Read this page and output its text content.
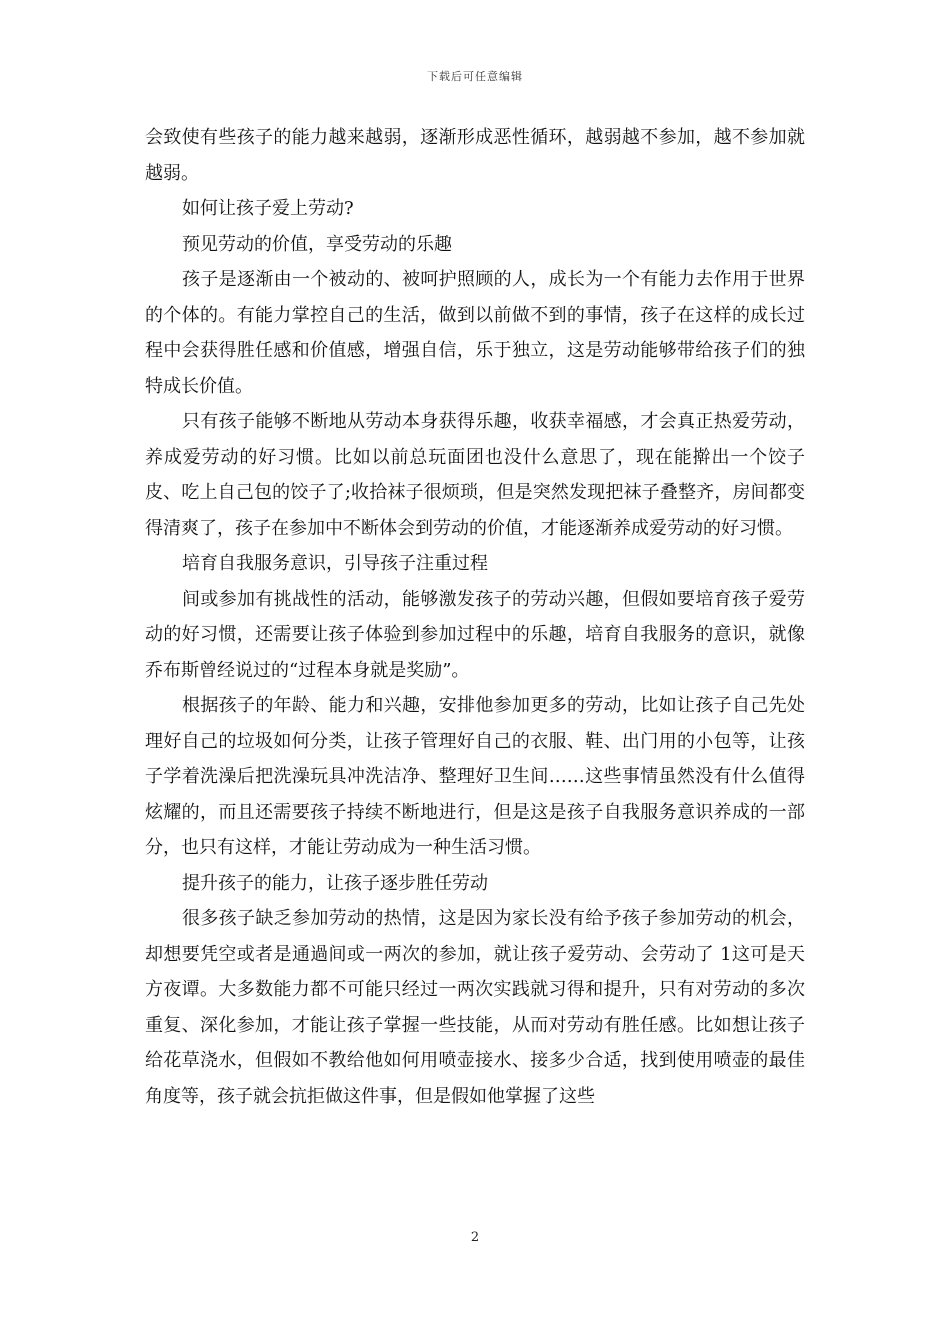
下载后可任意编辑

会致使有些孩子的能力越来越弱，逐渐形成恶性循环，越弱越不参加，越不参加就越弱。

如何让孩子爱上劳动?

预见劳动的价值，享受劳动的乐趣

孩子是逐渐由一个被动的、被呵护照顾的人，成长为一个有能力去作用于世界的个体的。有能力掌控自己的生活，做到以前做不到的事情，孩子在这样的成长过程中会获得胜任感和价值感，增强自信，乐于独立，这是劳动能够带给孩子们的独特成长价值。

只有孩子能够不断地从劳动本身获得乐趣，收获幸福感，才会真正热爱劳动，养成爱劳动的好习惯。比如以前总玩面团也没什么意思了，现在能擀出一个饺子皮、吃上自己包的饺子了;收拾袜子很烦琐，但是突然发现把袜子叠整齐，房间都变得清爽了，孩子在参加中不断体会到劳动的价值，才能逐渐养成爱劳动的好习惯。

培育自我服务意识，引导孩子注重过程

间或参加有挑战性的活动，能够激发孩子的劳动兴趣，但假如要培育孩子爱劳动的好习惯，还需要让孩子体验到参加过程中的乐趣，培育自我服务的意识，就像乔布斯曾经说过的“过程本身就是奖励”。

根据孩子的年龄、能力和兴趣，安排他参加更多的劳动，比如让孩子自己先处理好自己的垃圾如何分类，让孩子管理好自己的衣服、鞋、出门用的小包等，让孩子学着洗澡后把洗澡玩具冲洗洁净、整理好卫生间……这些事情虽然没有什么值得炫耀的，而且还需要孩子持续不断地进行，但是这是孩子自我服务意识养成的一部分，也只有这样，才能让劳动成为一种生活习惯。

提升孩子的能力，让孩子逐步胜任劳动

很多孩子缺乏参加劳动的热情，这是因为家长没有给予孩子参加劳动的机会，却想要凭空或者是通過间或一两次的参加，就让孩子爱劳动、会劳动了 1这可是天方夜谭。大多数能力都不可能只经过一两次实践就习得和提升，只有对劳动的多次重复、深化参加，才能让孩子掌握一些技能，从而对劳动有胜任感。比如想让孩子给花草浇水，但假如不教给他如何用喷壶接水、接多少合适，找到使用喷壶的最佳角度等，孩子就会抗拒做这件事，但是假如他掌握了这些

2
